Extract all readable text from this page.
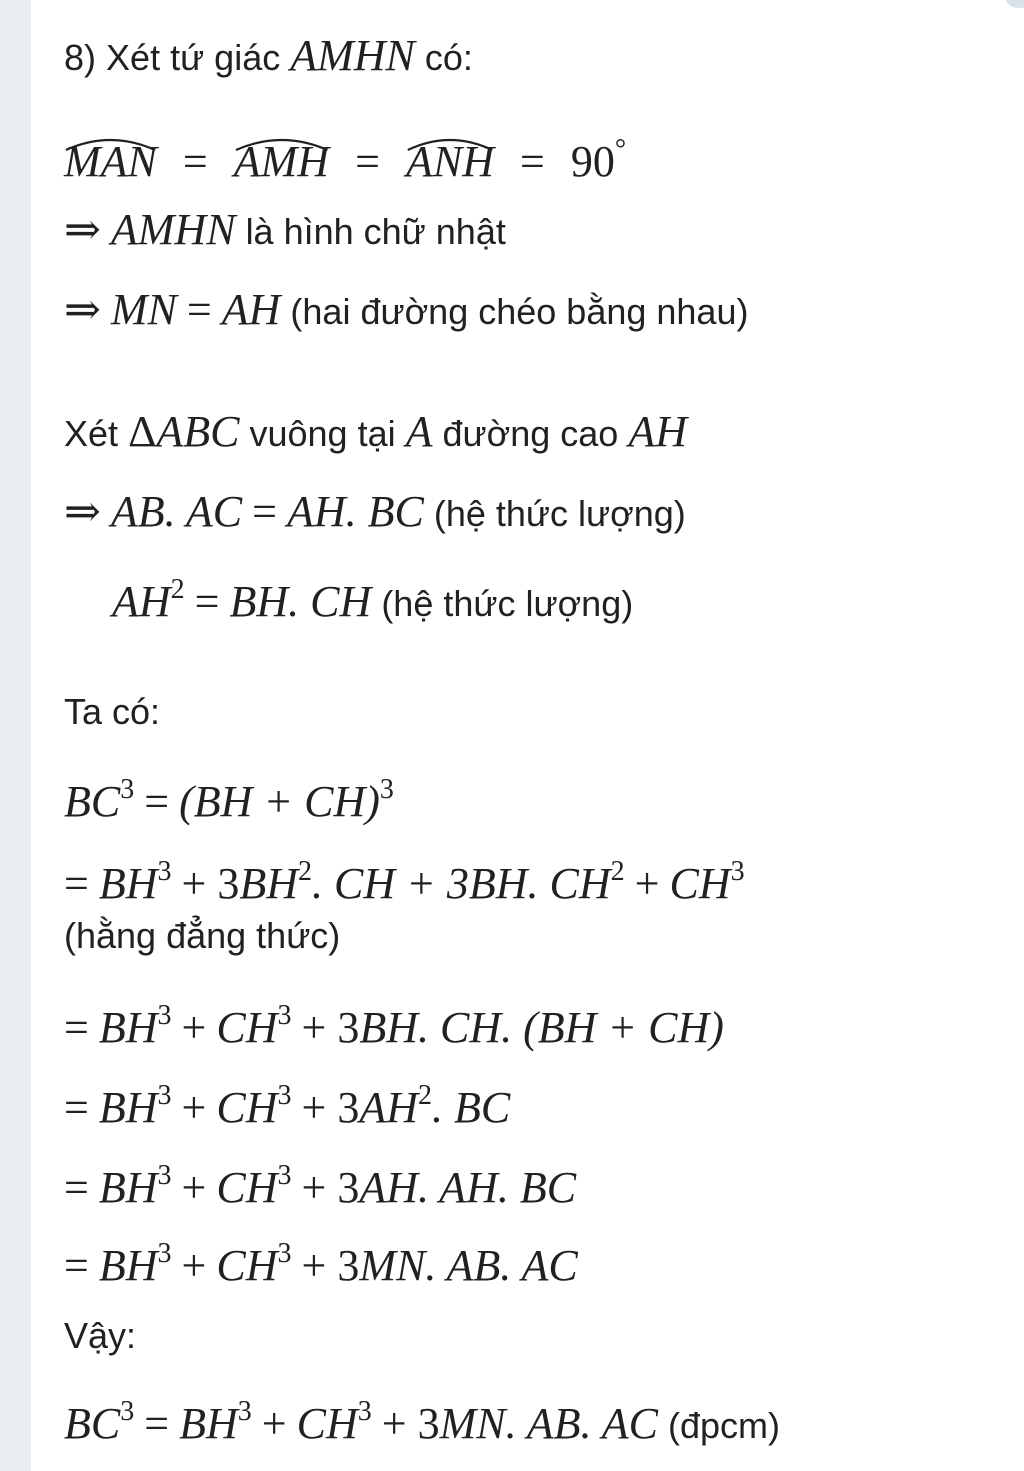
8) Xét tứ giác AMHN có:
MAN = AMH = ANH = 90°
⇒ AMHN là hình chữ nhật
⇒ MN = AH (hai đường chéo bằng nhau)
Xét ΔABC vuông tại A đường cao AH
⇒ AB. AC = AH. BC (hệ thức lượng)
$AH^2$ = BH. CH (hệ thức lượng)
Ta có:
$BC^3 = (BH + CH)^3$
= $BH^3 + 3BH^2$. CH + 3BH. $CH^2 + CH^3$
(hằng đẳng thức)
= $BH^3 + CH^3 + 3BH$. CH. (BH + CH)
= $BH^3 + CH^3 + 3AH^2$. BC
= $BH^3 + CH^3 + 3AH$. AH. BC
= $BH^3 + CH^3 + 3MN$. AB. AC
Vậy:
$BC^3 = BH^3 + CH^3 + 3MN$. AB. AC (đpcm)
